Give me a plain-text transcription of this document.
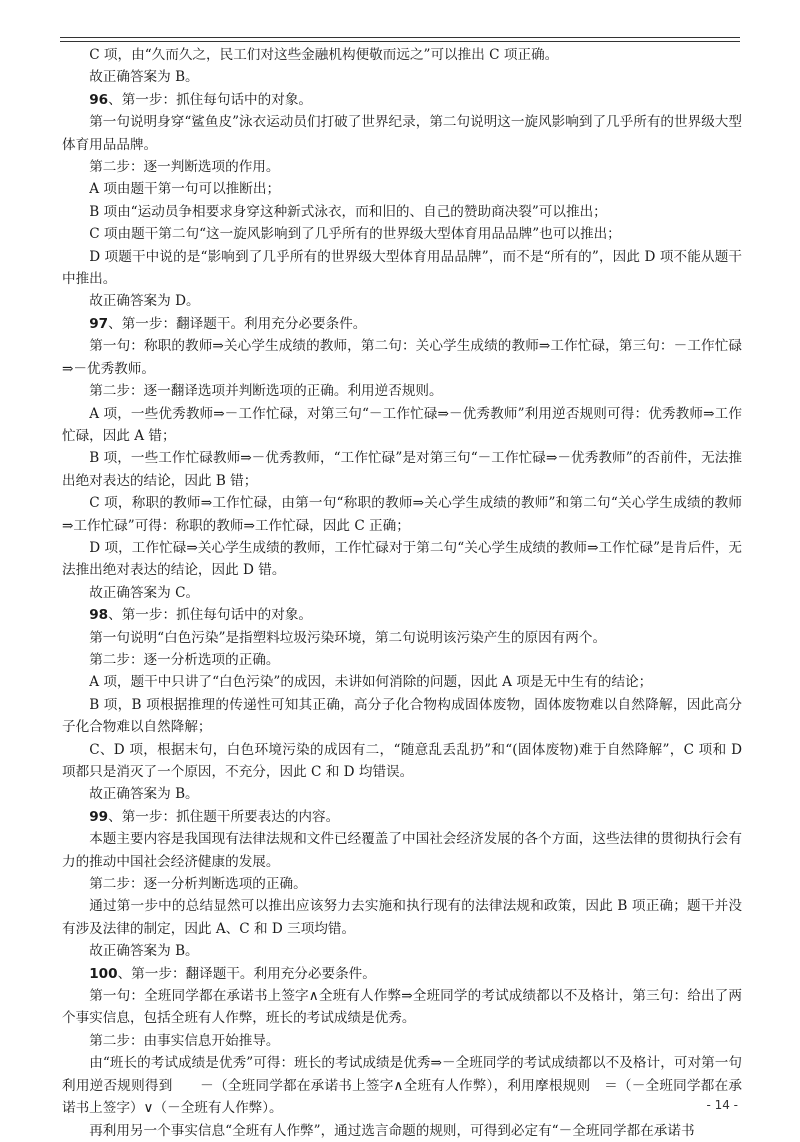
C 项，由“久而久之，民工们对这些金融机构便敬而远之”可以推出 C 项正确。

故正确答案为 B。

96、第一步：抓住每句话中的对象。

第一句说明身穿“鲨鱼皮”泳衣运动员们打破了世界纪录，第二句说明这一旋风影响到了几乎所有的世界级大型体育用品品牌。

第二步：逐一判断选项的作用。

A 项由题干第一句可以推断出；

B 项由“运动员争相要求身穿这种新式泳衣，而和旧的、自己的赞助商决裂”可以推出；

C 项由题干第二句“这一旋风影响到了几乎所有的世界级大型体育用品品牌”也可以推出；

D 项题干中说的是“影响到了几乎所有的世界级大型体育用品品牌”，而不是“所有的”，因此 D 项不能从题干中推出。

故正确答案为 D。

97、第一步：翻译题干。利用充分必要条件。

第一句：称职的教师⇒关心学生成绩的教师，第二句：关心学生成绩的教师⇒工作忙碌，第三句：－工作忙碌⇒－优秀教师。

第二步：逐一翻译选项并判断选项的正确。利用逆否规则。

A 项，一些优秀教师⇒－工作忙碌，对第三句“－工作忙碌⇒－优秀教师”利用逆否规则可得：优秀教师⇒工作忙碌，因此 A 错；

B 项，一些工作忙碌教师⇒－优秀教师，“工作忙碌”是对第三句“－工作忙碌⇒－优秀教师”的否前件，无法推出绝对表达的结论，因此 B 错；

C 项，称职的教师⇒工作忙碌，由第一句“称职的教师⇒关心学生成绩的教师”和第二句“关心学生成绩的教师⇒工作忙碌”可得：称职的教师⇒工作忙碌，因此 C 正确；

D 项，工作忙碌⇒关心学生成绩的教师，工作忙碌对于第二句“关心学生成绩的教师⇒工作忙碌”是肯后件，无法推出绝对表达的结论，因此 D 错。

故正确答案为 C。

98、第一步：抓住每句话中的对象。

第一句说明“白色污染”是指塑料垃圾污染环境，第二句说明该污染产生的原因有两个。

第二步：逐一分析选项的正确。

A 项，题干中只讲了“白色污染”的成因，未讲如何消除的问题，因此 A 项是无中生有的结论；

B 项，B 项根据推理的传递性可知其正确，高分子化合物构成固体废物，固体废物难以自然降解，因此高分子化合物难以自然降解；

C、D 项，根据末句，白色环境污染的成因有二，“随意乱丢乱扔”和“(固体废物)难于自然降解”，C 项和 D 项都只是消灭了一个原因，不充分，因此 C 和 D 均错误。

故正确答案为 B。

99、第一步：抓住题干所要表达的内容。

本题主要内容是我国现有法律法规和文件已经覆盖了中国社会经济发展的各个方面，这些法律的贯彻执行会有力的推动中国社会经济健康的发展。

第二步：逐一分析判断选项的正确。

通过第一步中的总结显然可以推出应该努力去实施和执行现有的法律法规和政策，因此 B 项正确；题干并没有涉及法律的制定，因此 A、C 和 D 三项均错。

故正确答案为 B。

100、第一步：翻译题干。利用充分必要条件。

第一句：全班同学都在承诺书上签字∧全班有人作弊⇒全班同学的考试成绩都以不及格计，第三句：给出了两个事实信息，包括全班有人作弊，班长的考试成绩是优秀。

第二步：由事实信息开始推导。

由“班长的考试成绩是优秀”可得：班长的考试成绩是优秀⇒－全班同学的考试成绩都以不及格计，可对第一句利用逆否规则得到　　－（全班同学都在承诺书上签字∧全班有人作弊），利用摩根规则　＝（－全班同学都在承诺书上签字）∨（－全班有人作弊）。

再利用另一个事实信息“全班有人作弊”，通过选言命题的规则，可得到必定有“－全班同学都在承诺书

- 14 -
